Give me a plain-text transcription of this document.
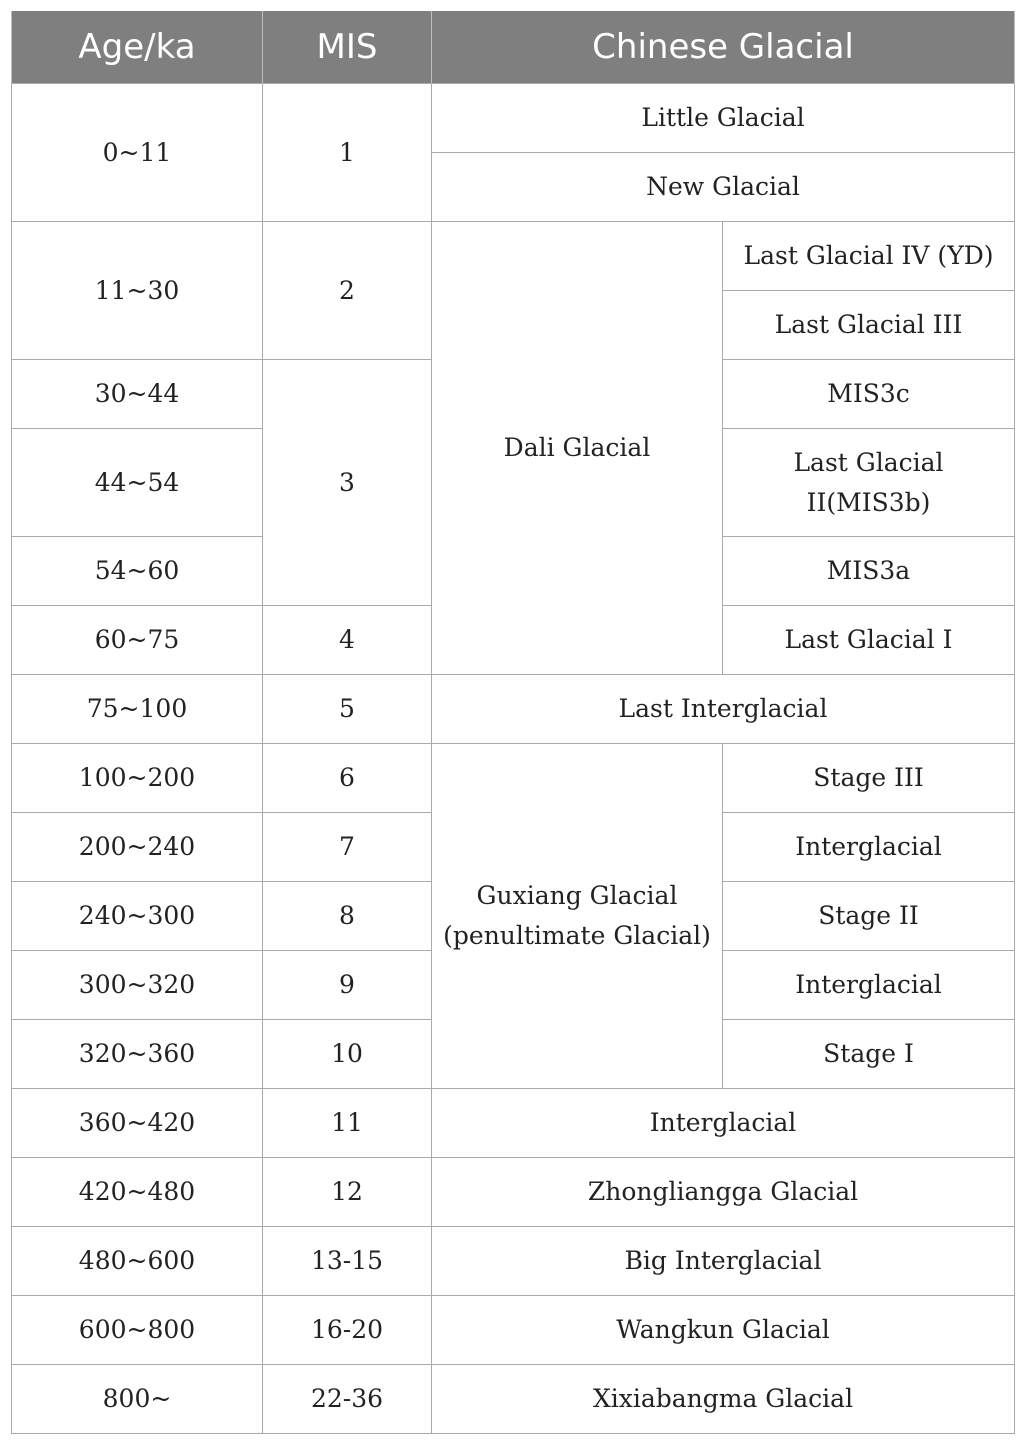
Age/ka	MIS	Chinese Glacial	
0~11	1	Little Glacial	
		New Glacial	
11~30	2	Dali Glacial	Last Glacial IV (YD)
			Last Glacial III
30~44	3		MIS3c
44~54			Last Glacial II(MIS3b)
54~60			MIS3a
60~75	4		Last Glacial I
75~100	5	Last Interglacial	
100~200	6	Guxiang Glacial (penultimate Glacial)	Stage III
200~240	7		Interglacial
240~300	8		Stage II
300~320	9		Interglacial
320~360	10		Stage I
360~420	11	Interglacial	
420~480	12	Zhongliangga Glacial	
480~600	13-15	Big Interglacial	
600~800	16-20	Wangkun Glacial	
800~	22-36	Xixiabangma Glacial	
